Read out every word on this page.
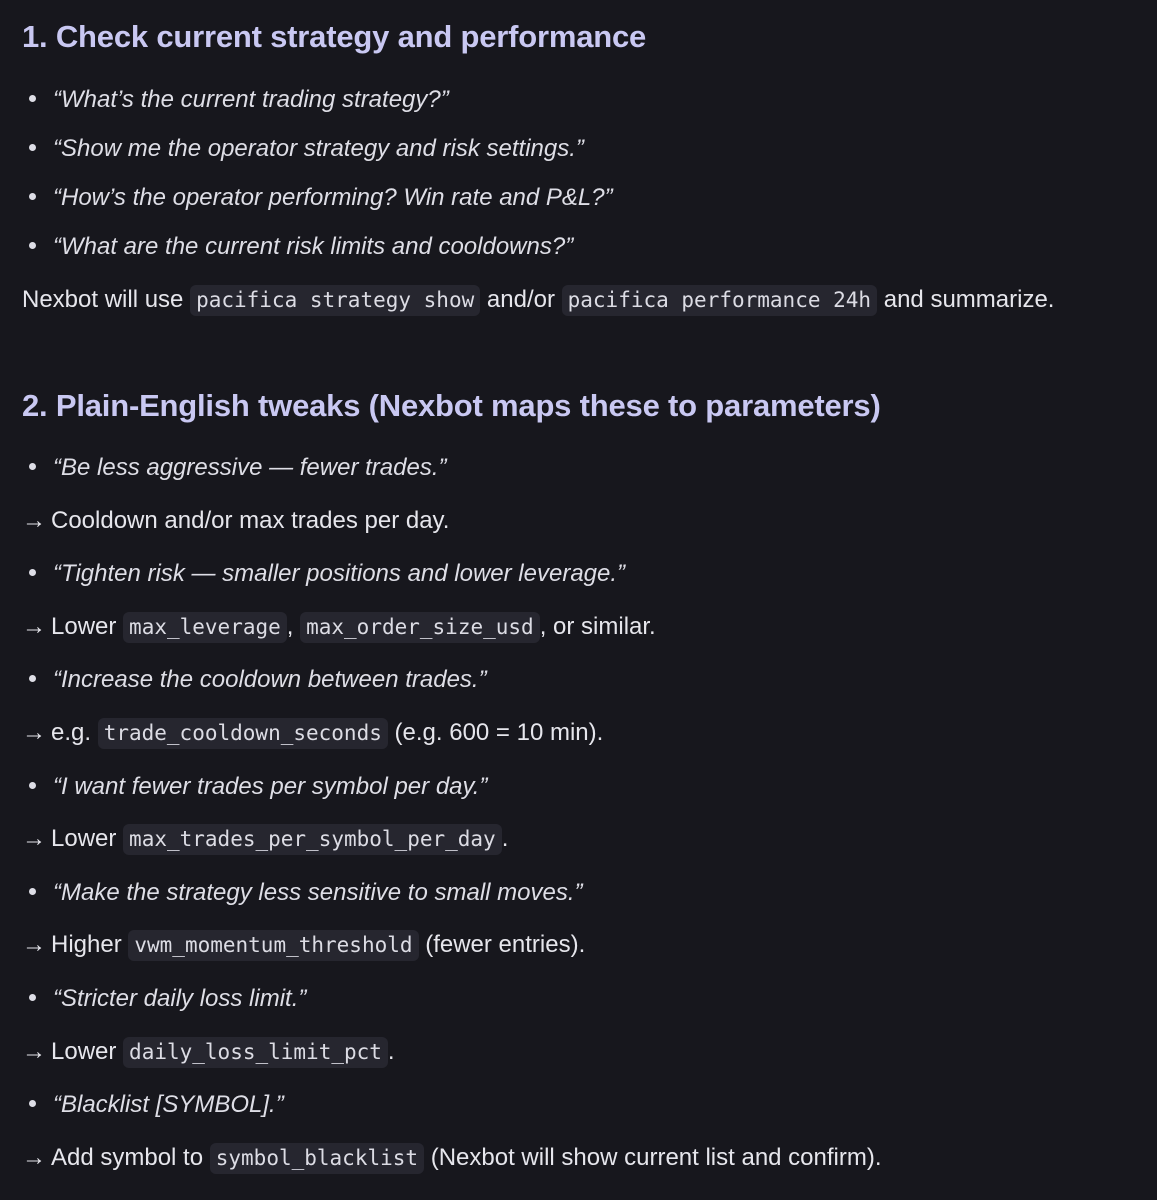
1. Check current strategy and performance
“What’s the current trading strategy?”
“Show me the operator strategy and risk settings.”
“How’s the operator performing? Win rate and P&L?”
“What are the current risk limits and cooldowns?”
Nexbot will use pacifica strategy show and/or pacifica performance 24h and summarize.
2. Plain-English tweaks (Nexbot maps these to parameters)
“Be less aggressive — fewer trades.”
→ Cooldown and/or max trades per day.
“Tighten risk — smaller positions and lower leverage.”
→ Lower max_leverage , max_order_size_usd , or similar.
“Increase the cooldown between trades.”
→ e.g. trade_cooldown_seconds (e.g. 600 = 10 min).
“I want fewer trades per symbol per day.”
→ Lower max_trades_per_symbol_per_day .
“Make the strategy less sensitive to small moves.”
→ Higher vwm_momentum_threshold (fewer entries).
“Stricter daily loss limit.”
→ Lower daily_loss_limit_pct .
“Blacklist [SYMBOL].”
→ Add symbol to symbol_blacklist (Nexbot will show current list and confirm).
